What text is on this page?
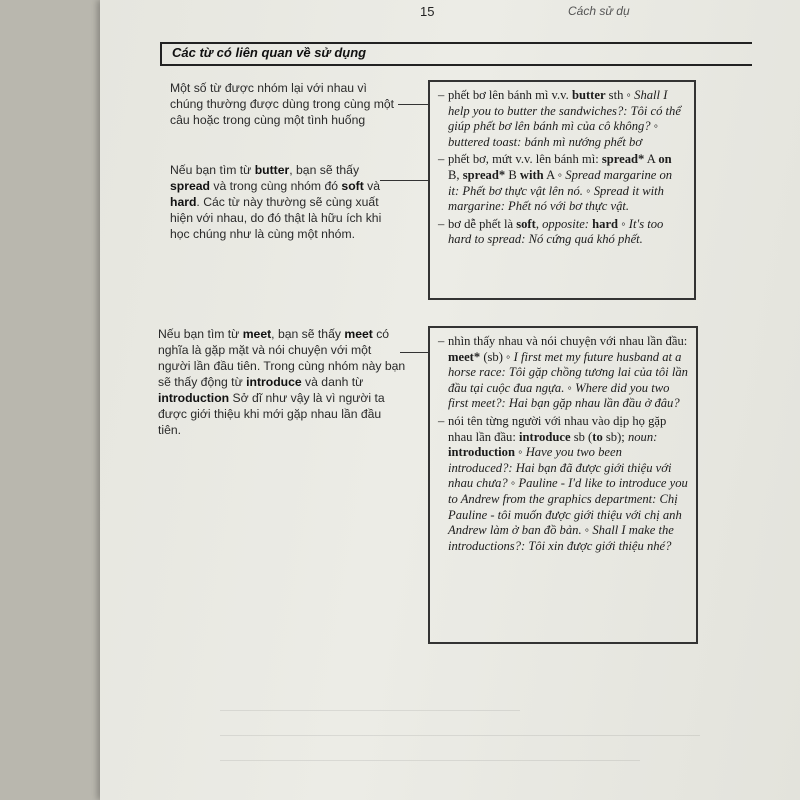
15	Cách sử dụ
Các từ có liên quan về sử dụng
Một số từ được nhóm lại với nhau vì chúng thường được dùng trong cùng một câu hoặc trong cùng một tình huống
Nếu bạn tìm từ butter, bạn sẽ thấy spread và trong cùng nhóm đó soft và hard. Các từ này thường sẽ cùng xuất hiện với nhau, do đó thật là hữu ích khi học chúng như là cùng một nhóm.
Nếu bạn tìm từ meet, bạn sẽ thấy meet có nghĩa là gặp mặt và nói chuyện với một người lần đầu tiên. Trong cùng nhóm này bạn sẽ thấy động từ introduce và danh từ introduction Sở dĩ như vậy là vì người ta được giới thiệu khi mới gặp nhau lần đầu tiên.
– phết bơ lên bánh mì v.v. butter sth ◦ Shall I help you to butter the sandwiches?: Tôi có thể giúp phết bơ lên bánh mì của cô không? ◦ buttered toast: bánh mì nướng phết bơ
– phết bơ, mứt v.v. lên bánh mì: spread* A on B, spread* B with A ◦ Spread margarine on it: Phết bơ thực vật lên nó. ◦ Spread it with margarine: Phết nó với bơ thực vật.
– bơ dễ phết là soft, opposite: hard ◦ It's too hard to spread: Nó cứng quá khó phết.
– nhìn thấy nhau và nói chuyện với nhau lần đầu: meet* (sb) ◦ I first met my future husband at a horse race: Tôi gặp chồng tương lai của tôi lần đầu tại cuộc đua ngựa. ◦ Where did you two first meet?: Hai bạn gặp nhau lần đầu ở đâu?
– nói tên từng người với nhau vào dịp họ gặp nhau lần đầu: introduce sb (to sb); noun: introduction ◦ Have you two been introduced?: Hai bạn đã được giới thiệu với nhau chưa? ◦ Pauline - I'd like to introduce you to Andrew from the graphics department: Chị Pauline - tôi muốn được giới thiệu với chị anh Andrew làm ở ban đồ bản. ◦ Shall I make the introductions?: Tôi xin được giới thiệu nhé?
